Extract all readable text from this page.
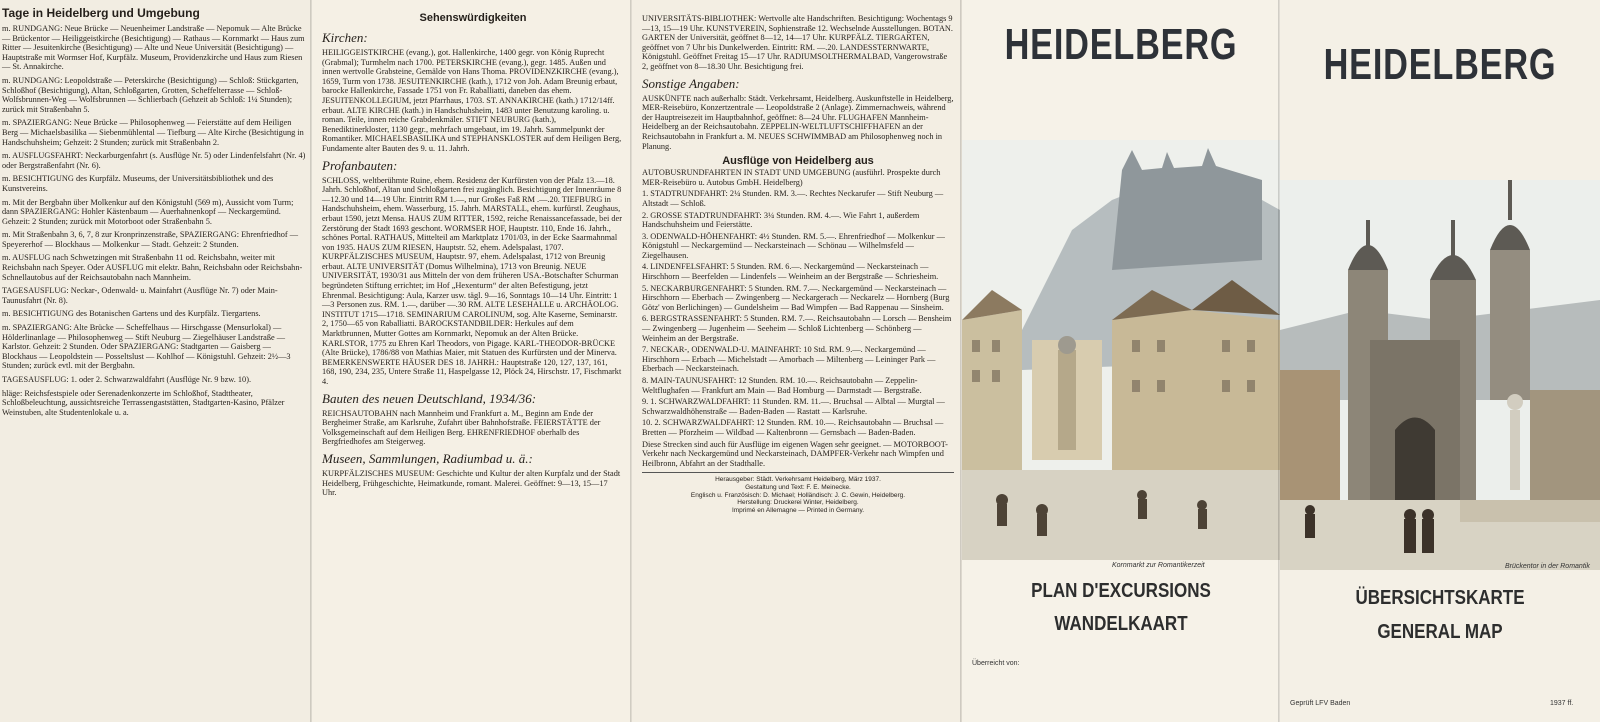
Tage in Heidelberg und Umgebung

m. RUNDGANG: Neue Brücke — Neuenheimer Landstraße — Nepomuk — Alte Brücke — Brückentor — Heiliggeistkirche (Besichtigung) — Rathaus — Kornmarkt — Haus zum Ritter — Jesuitenkirche (Besichtigung) — Alte und Neue Universität (Besichtigung) — Hauptstraße mit Wormser Hof, Kurpfälz. Museum, Providenzkirche und Haus zum Riesen — St. Annakirche.

m. RUNDGANG: Leopoldstraße — Peterskirche (Besichtigung) — Schloß: Stückgarten, Schloßhof (Besichtigung), Altan, Schloßgarten, Grotten, Scheffelterrasse — Schloß-Wolfsbrunnen-Weg — Wolfsbrunnen — Schlierbach (Gehzeit ab Schloß: 1¼ Stunden); zurück mit Straßenbahn 5.

m. SPAZIERGANG: Neue Brücke — Philosophenweg — Feierstätte auf dem Heiligen Berg — Michaelsbasilika — Siebenmühlental — Tiefburg — Alte Kirche (Besichtigung in Handschuhsheim; Gehzeit: 2 Stunden; zurück mit Straßenbahn 2.

m. AUSFLUGSFAHRT: Neckarburgenfahrt (s. Ausflüge Nr. 5) oder Lindenfelsfahrt (Nr. 4) oder Bergstraßenfahrt (Nr. 6).

m. BESICHTIGUNG des Kurpfälz. Museums, der Universitätsbibliothek und des Kunstvereins.

m. Mit der Bergbahn über Molkenkur auf den Königstuhl (569 m), Aussicht vom Turm; dann SPAZIERGANG: Hohler Kästenbaum — Auerhahnenkopf — Neckargemünd. Gehzeit: 2 Stunden; zurück mit Motorboot oder Straßenbahn 5.

m. Mit Straßenbahn 3, 6, 7, 8 zur Kronprinzenstraße, SPAZIERGANG: Ehrenfriedhof — Speyererhof — Blockhaus — Molkenkur — Stadt. Gehzeit: 2 Stunden.

m. AUSFLUG nach Schwetzingen mit Straßenbahn 11 od. Reichsbahn, weiter mit Reichsbahn nach Speyer. Oder AUSFLUG mit elektr. Bahn, Reichsbahn oder Reichsbahn-Schnellautobus auf der Reichsautobahn nach Mannheim.

TAGESAUSFLUG: Neckar-, Odenwald- u. Mainfahrt (Ausflüge Nr. 7) oder Main-Taunusfahrt (Nr. 8).

m. BESICHTIGUNG des Botanischen Gartens und des Kurpfälz. Tiergartens.

m. SPAZIERGANG: Alte Brücke — Scheffelhaus — Hirschgasse (Mensurlokal) — Hölderlinanlage — Philosophenweg — Stift Neuburg — Ziegelhäuser Landstraße — Karlstor. Gehzeit: 2 Stunden. Oder SPAZIERGANG: Stadtgarten — Gaisberg — Blockhaus — Leopoldstein — Posseltslust — Kohlhof — Königstuhl. Gehzeit: 2½—3 Stunden; zurück evtl. mit der Bergbahn.

TAGESAUSFLUG: 1. oder 2. Schwarzwaldfahrt (Ausflüge Nr. 9 bzw. 10).

hläge: Reichsfestspiele oder Serenadenkonzerte im Schloßhof, Stadttheater, Schloßbeleuchtung, aussichtsreiche Terrassengaststätten, Stadtgarten-Kasino, Pfälzer Weinstuben, alte Studentenlokale u. a.

Sehenswürdigkeiten
Kirchen:

HEILIGGEISTKIRCHE (evang.), got. Hallenkirche, 1400 gegr. von König Ruprecht (Grabmal); Turmhelm nach 1700. PETERSKIRCHE (evang.), gegr. 1485. Außen und innen wertvolle Grabsteine, Gemälde von Hans Thoma. PROVIDENZKIRCHE (evang.), 1659, Turm von 1738. JESUITENKIRCHE (kath.), 1712 von Joh. Adam Breunig erbaut, barocke Hallenkirche, Fassade 1751 von Fr. Raballiatti, daneben das ehem. JESUITENKOLLEGIUM, jetzt Pfarrhaus, 1703. ST. ANNAKIRCHE (kath.) 1712/14ff. erbaut. ALTE KIRCHE (kath.) in Handschuhsheim, 1483 unter Benutzung karoling. u. roman. Teile, innen reiche Grabdenkmäler. STIFT NEUBURG (kath.), Benediktinerkloster, 1130 gegr., mehrfach umgebaut, im 19. Jahrh. Sammelpunkt der Romantiker. MICHAELSBASILIKA und STEPHANSKLOSTER auf dem Heiligen Berg, Fundamente alter Bauten des 9. u. 11. Jahrh.

Profanbauten:

SCHLOSS, weltberühmte Ruine, ehem. Residenz der Kurfürsten von der Pfalz 13.—18. Jahrh. Schloßhof, Altan und Schloßgarten frei zugänglich. Besichtigung der Innenräume 8—12.30 und 14—19 Uhr. Eintritt RM 1.—, nur Großes Faß RM .—.20. TIEFBURG in Handschuhsheim, ehem. Wasserburg, 15. Jahrh. MARSTALL, ehem. kurfürstl. Zeughaus, erbaut 1590, jetzt Mensa. HAUS ZUM RITTER, 1592, reiche Renaissancefassade, bei der Zerstörung der Stadt 1693 geschont. WORMSER HOF, Hauptstr. 110, Ende 16. Jahrh., schönes Portal. RATHAUS, Mittelteil am Marktplatz 1701/03, in der Ecke Saarmahnmal von 1935. HAUS ZUM RIESEN, Hauptstr. 52, ehem. Adelspalast, 1707. KURPFÄLZISCHES MUSEUM, Hauptstr. 97, ehem. Adelspalast, 1712 von Breunig erbaut. ALTE UNIVERSITÄT (Domus Wilhelmina), 1713 von Breunig. NEUE UNIVERSITÄT, 1930/31 aus Mitteln der von dem früheren USA.-Botschafter Schurman begründeten Stiftung errichtet; im Hof „Hexenturm“ der alten Befestigung, jetzt Ehrenmal. Besichtigung: Aula, Karzer usw. tägl. 9—16, Sonntags 10—14 Uhr. Eintritt: 1—3 Personen zus. RM. 1.—, darüber —.30 RM. ALTE LESEHALLE u. ARCHÄOLOG. INSTITUT 1715—1718. SEMINARIUM CAROLINUM, sog. Alte Kaserne, Seminarstr. 2, 1750—65 von Raballiatti. BAROCKSTANDBILDER: Herkules auf dem Marktbrunnen, Mutter Gottes am Kornmarkt, Nepomuk an der Alten Brücke. KARLSTOR, 1775 zu Ehren Karl Theodors, von Pigage. KARL-THEODOR-BRÜCKE (Alte Brücke), 1786/88 von Mathias Maier, mit Statuen des Kurfürsten und der Minerva. BEMERKENSWERTE HÄUSER DES 18. JAHRH.: Hauptstraße 120, 127, 137, 161, 168, 190, 234, 235, Untere Straße 11, Haspelgasse 12, Plöck 24, Hirschstr. 17, Fischmarkt 4.

Bauten des neuen Deutschland, 1934/36:

REICHSAUTOBAHN nach Mannheim und Frankfurt a. M., Beginn am Ende der Bergheimer Straße, am Karlsruhe, Zufahrt über Bahnhofstraße. FEIERSTÄTTE der Volksgemeinschaft auf dem Heiligen Berg. EHRENFRIEDHOF oberhalb des Bergfriedhofes am Steigerweg.

Museen, Sammlungen, Radiumbad u. ä.:

KURPFÄLZISCHES MUSEUM: Geschichte und Kultur der alten Kurpfalz und der Stadt Heidelberg, Frühgeschichte, Heimatkunde, romant. Malerei. Geöffnet: 9—13, 15—17 Uhr.

UNIVERSITÄTS-BIBLIOTHEK: Wertvolle alte Handschriften. Besichtigung: Wochentags 9—13, 15—19 Uhr. KUNSTVEREIN, Sophienstraße 12. Wechselnde Ausstellungen. BOTAN. GARTEN der Universität, geöffnet 8—12, 14—17 Uhr. KURPFÄLZ. TIERGARTEN, geöffnet von 7 Uhr bis Dunkelwerden. Eintritt: RM. —.20. LANDESSTERNWARTE, Königstuhl. Geöffnet Freitag 15—17 Uhr. RADIUMSOLTHERMALBAD, Vangerowstraße 2, geöffnet von 8—18.30 Uhr. Besichtigung frei.

Sonstige Angaben:

AUSKÜNFTE nach außerhalb: Städt. Verkehrsamt, Heidelberg. Auskunftstelle in Heidelberg, MER-Reisebüro, Konzertzentrale — Leopoldstraße 2 (Anlage). Zimmernachweis, während der Hauptreisezeit im Hauptbahnhof, geöffnet: 8—24 Uhr. FLUGHAFEN Mannheim-Heidelberg an der Reichsautobahn. ZEPPELIN-WELTLUFTSCHIFFHAFEN an der Reichsautobahn in Frankfurt a. M. NEUES SCHWIMMBAD am Philosophenweg noch in Planung.

Ausflüge von Heidelberg aus

AUTOBUSRUNDFAHRTEN IN STADT UND UMGEBUNG (ausführl. Prospekte durch MER-Reisebüro u. Autobus GmbH. Heidelberg)

1. STADTRUNDFAHRT: 2¼ Stunden. RM. 3.—. Rechtes Neckarufer — Stift Neuburg — Altstadt — Schloß.

2. GROSSE STADTRUNDFAHRT: 3¼ Stunden. RM. 4.—. Wie Fahrt 1, außerdem Handschuhsheim und Feierstätte.

3. ODENWALD-HÖHENFAHRT: 4½ Stunden. RM. 5.—. Ehrenfriedhof — Molkenkur — Königstuhl — Neckargemünd — Neckarsteinach — Schönau — Wilhelmsfeld — Ziegelhausen.

4. LINDENFELSFAHRT: 5 Stunden. RM. 6.—. Neckargemünd — Neckarsteinach — Hirschhorn — Beerfelden — Lindenfels — Weinheim an der Bergstraße — Schriesheim.

5. NECKARBURGENFAHRT: 5 Stunden. RM. 7.—. Neckargemünd — Neckarsteinach — Hirschhorn — Eberbach — Zwingenberg — Neckargerach — Neckarelz — Hornberg (Burg Götz' von Berlichingen) — Gundelsheim — Bad Wimpfen — Bad Rappenau — Sinsheim.

6. BERGSTRASSENFAHRT: 5 Stunden. RM. 7.—. Reichsautobahn — Lorsch — Bensheim — Zwingenberg — Jugenheim — Seeheim — Schloß Lichtenberg — Schönberg — Weinheim an der Bergstraße.

7. NECKAR-, ODENWALD-U. MAINFAHRT: 10 Std. RM. 9.—. Neckargemünd — Hirschhorn — Erbach — Michelstadt — Amorbach — Miltenberg — Leininger Park — Eberbach — Neckarsteinach.

8. MAIN-TAUNUSFAHRT: 12 Stunden. RM. 10.—. Reichsautobahn — Zeppelin-Weltflughafen — Frankfurt am Main — Bad Homburg — Darmstadt — Bergstraße.

9. 1. SCHWARZWALDFAHRT: 11 Stunden. RM. 11.—. Bruchsal — Albtal — Murgtal — Schwarzwaldhöhenstraße — Baden-Baden — Rastatt — Karlsruhe.

10. 2. SCHWARZWALDFAHRT: 12 Stunden. RM. 10.—. Reichsautobahn — Bruchsal — Bretten — Pforzheim — Wildbad — Kaltenbronn — Gernsbach — Baden-Baden.

Diese Strecken sind auch für Ausflüge im eigenen Wagen sehr geeignet. — MOTORBOOT-Verkehr nach Neckargemünd und Neckarsteinach, DAMPFER-Verkehr nach Wimpfen und Heilbronn, Abfahrt an der Stadthalle.

Herausgeber: Städt. Verkehrsamt Heidelberg, März 1937.
Gestaltung und Text: F. E. Meinecke.
Englisch u. Französisch: D. Michael; Holländisch: J. C. Gewin, Heidelberg.
Herstellung: Druckerei Winter, Heidelberg.
Imprimé en Allemagne — Printed in Germany.
HEIDELBERG
Kornmarkt zur Romantikerzeit
PLAN D'EXCURSIONS
WANDELKAART
Überreicht von:
HEIDELBERG
Brückentor in der Romantik
ÜBERSICHTSKARTE
GENERAL MAP
Geprüft LFV Baden	1937 ff.
